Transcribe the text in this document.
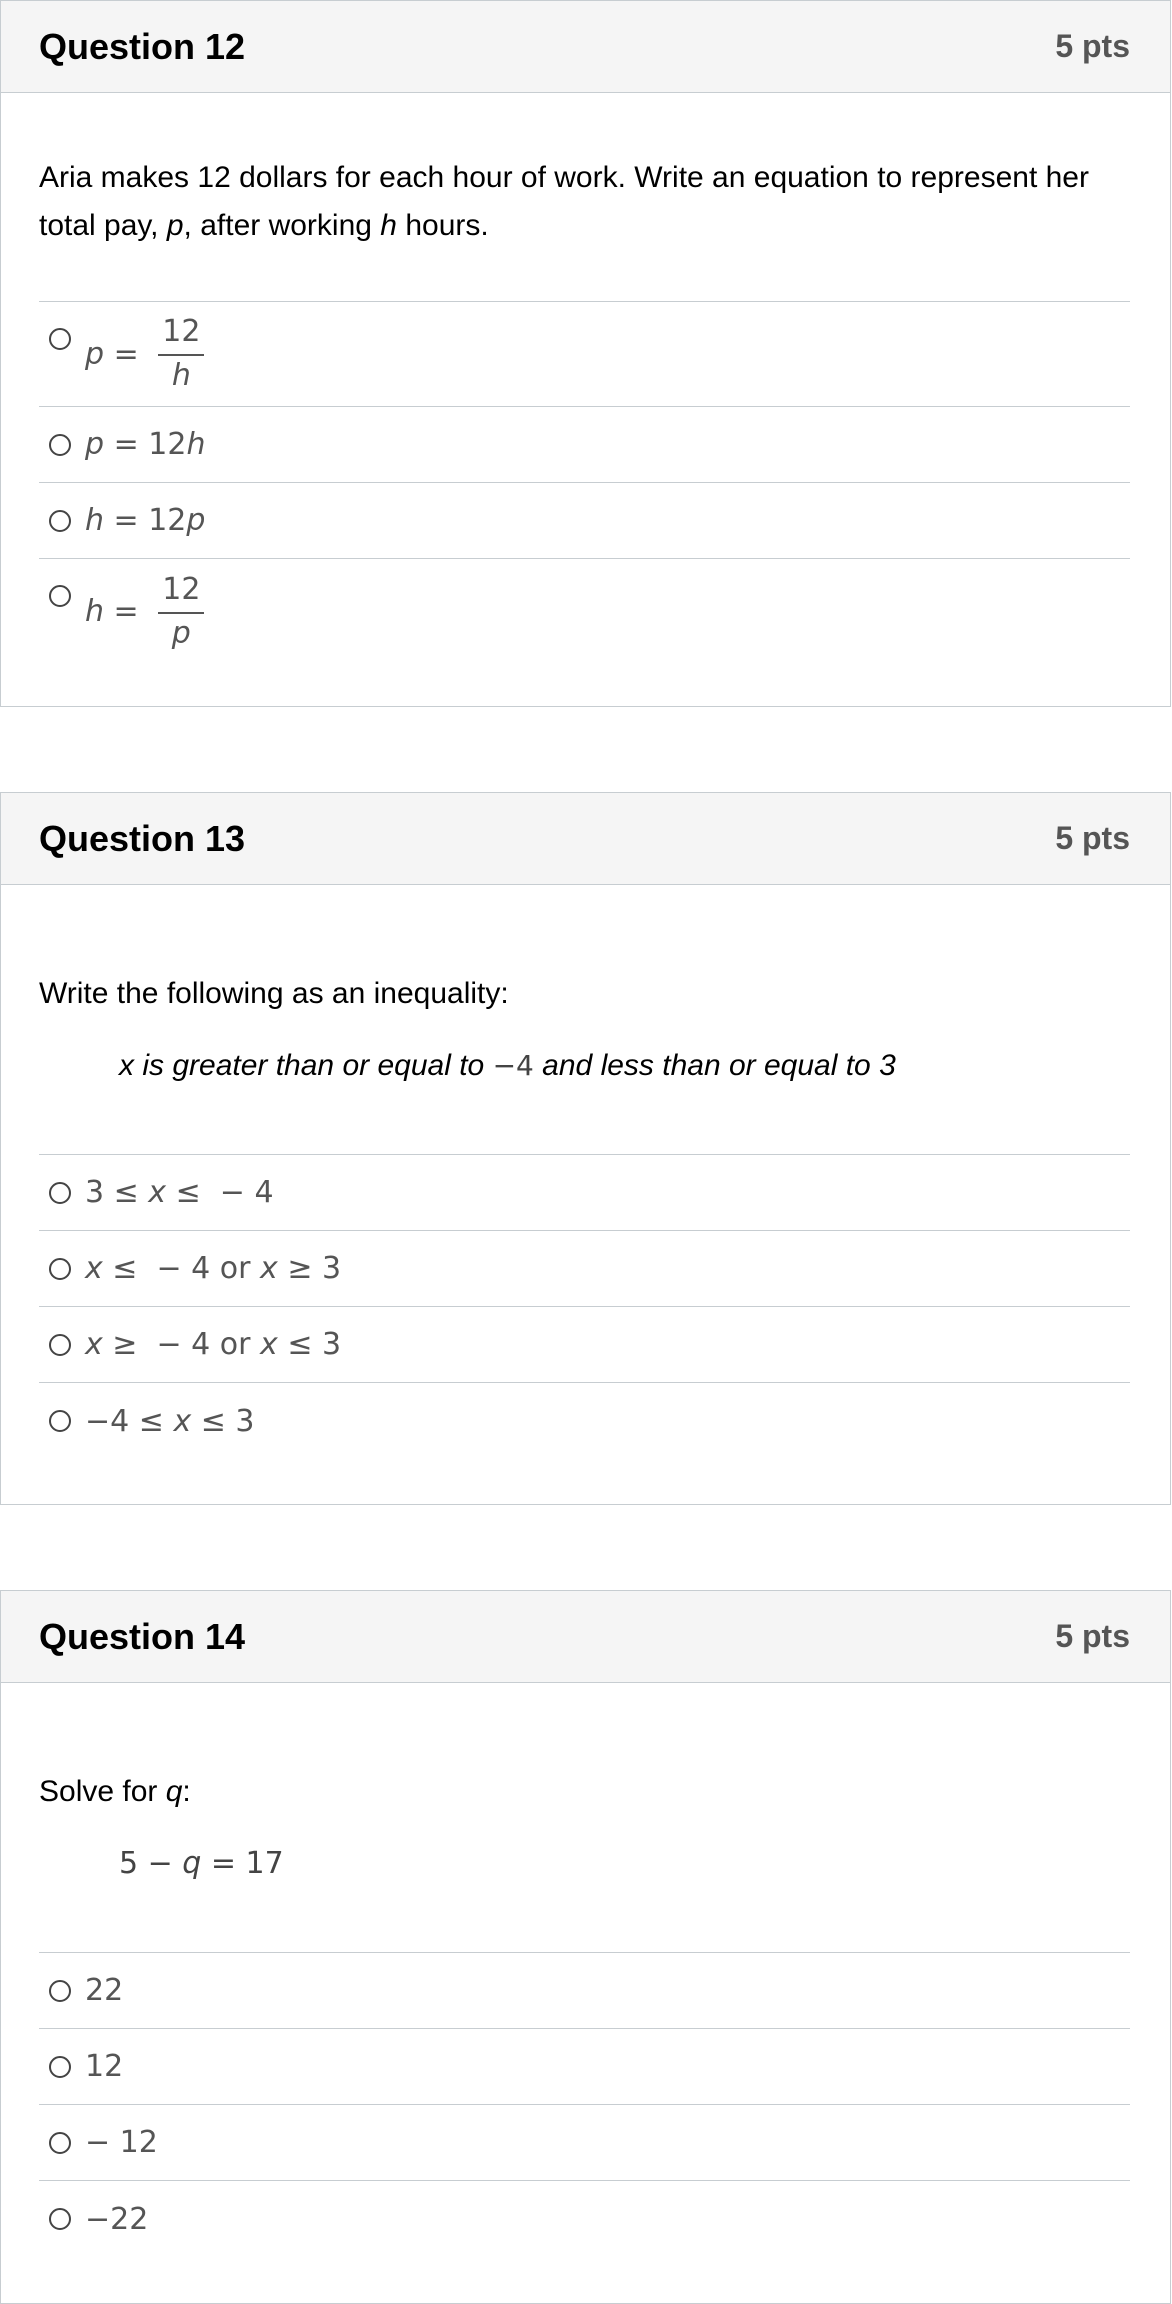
Question 12	5 pts

Aria makes 12 dollars for each hour of work. Write an equation to represent her total pay, p, after working h hours.

$p = \frac{12}{h}$
p = 12 h
h = 12 p
$h = \frac{12}{p}$
Question 13	5 pts

Write the following as an inequality:

x is greater than or equal to −4 and less than or equal to 3

3 ≤ x ≤  − 4
x ≤  − 4 or x ≥ 3
x ≥  − 4 or x ≤ 3
−4 ≤ x ≤ 3
Question 14	5 pts

Solve for q:

5 − q = 17

22
12
− 12
−22
